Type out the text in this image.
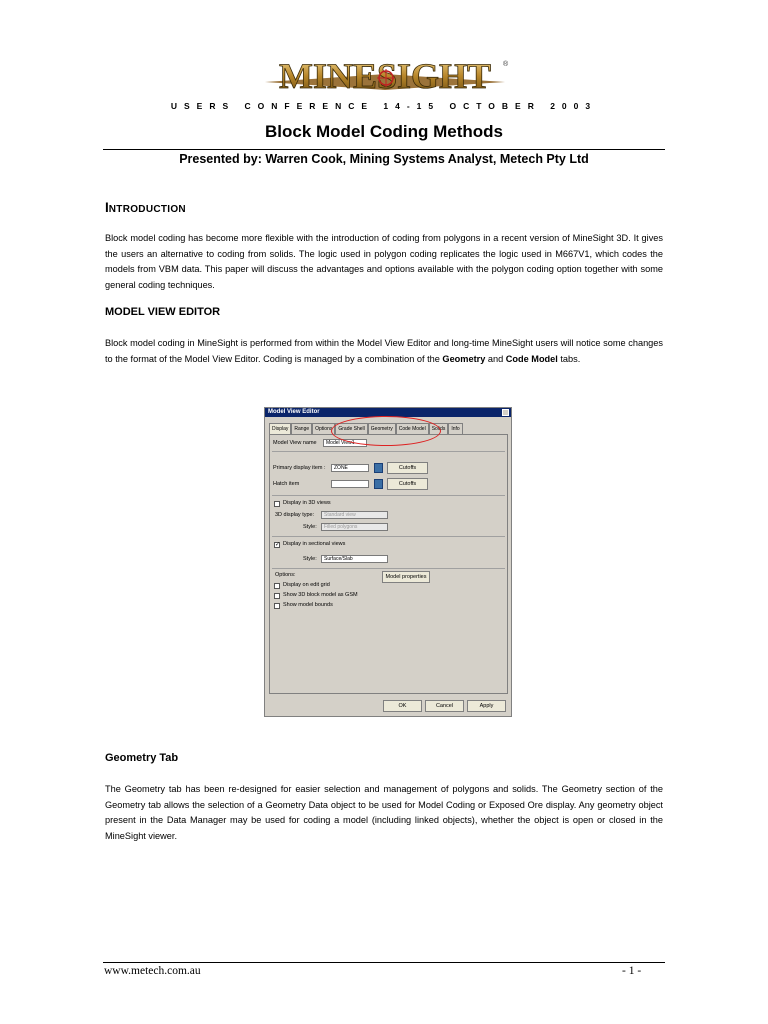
MINESIGHT ®
USERS CONFERENCE 14-15 OCTOBER 2003
Block Model Coding Methods
Presented by: Warren Cook, Mining Systems Analyst, Metech Pty Ltd
INTRODUCTION
Block model coding has become more flexible with the introduction of coding from polygons in a recent version of MineSight 3D. It gives the users an alternative to coding from solids. The logic used in polygon coding replicates the logic used in M667V1, which codes the models from VBM data. This paper will discuss the advantages and options available with the polygon coding option together with some general coding techniques.
MODEL VIEW EDITOR
Block model coding in MineSight is performed from within the Model View Editor and long-time MineSight users will notice some changes to the format of the Model View Editor. Coding is managed by a combination of the Geometry and Code Model tabs.
Model View Editor
Display	Range	Options	Grade Shell	Geometry	Code Model	Solids	Info
Model View name	Model View1
Primary display item :	ZONE	Cutoffs
Hatch item	Cutoffs
Display in 3D views
3D display type:	Standard view
Style:	Filled polygons
✓ Display in sectional views
Style:	Surface/Slab
Options:	Model properties
Display on edit grid
Show 3D block model as GSM
Show model bounds
OK	Cancel	Apply
Geometry Tab
The Geometry tab has been re-designed for easier selection and management of polygons and solids. The Geometry section of the Geometry tab allows the selection of a Geometry Data object to be used for Model Coding or Exposed Ore display. Any geometry object present in the Data Manager may be used for coding a model (including linked objects), whether the object is open or closed in the MineSight viewer.
www.metech.com.au	- 1 -
